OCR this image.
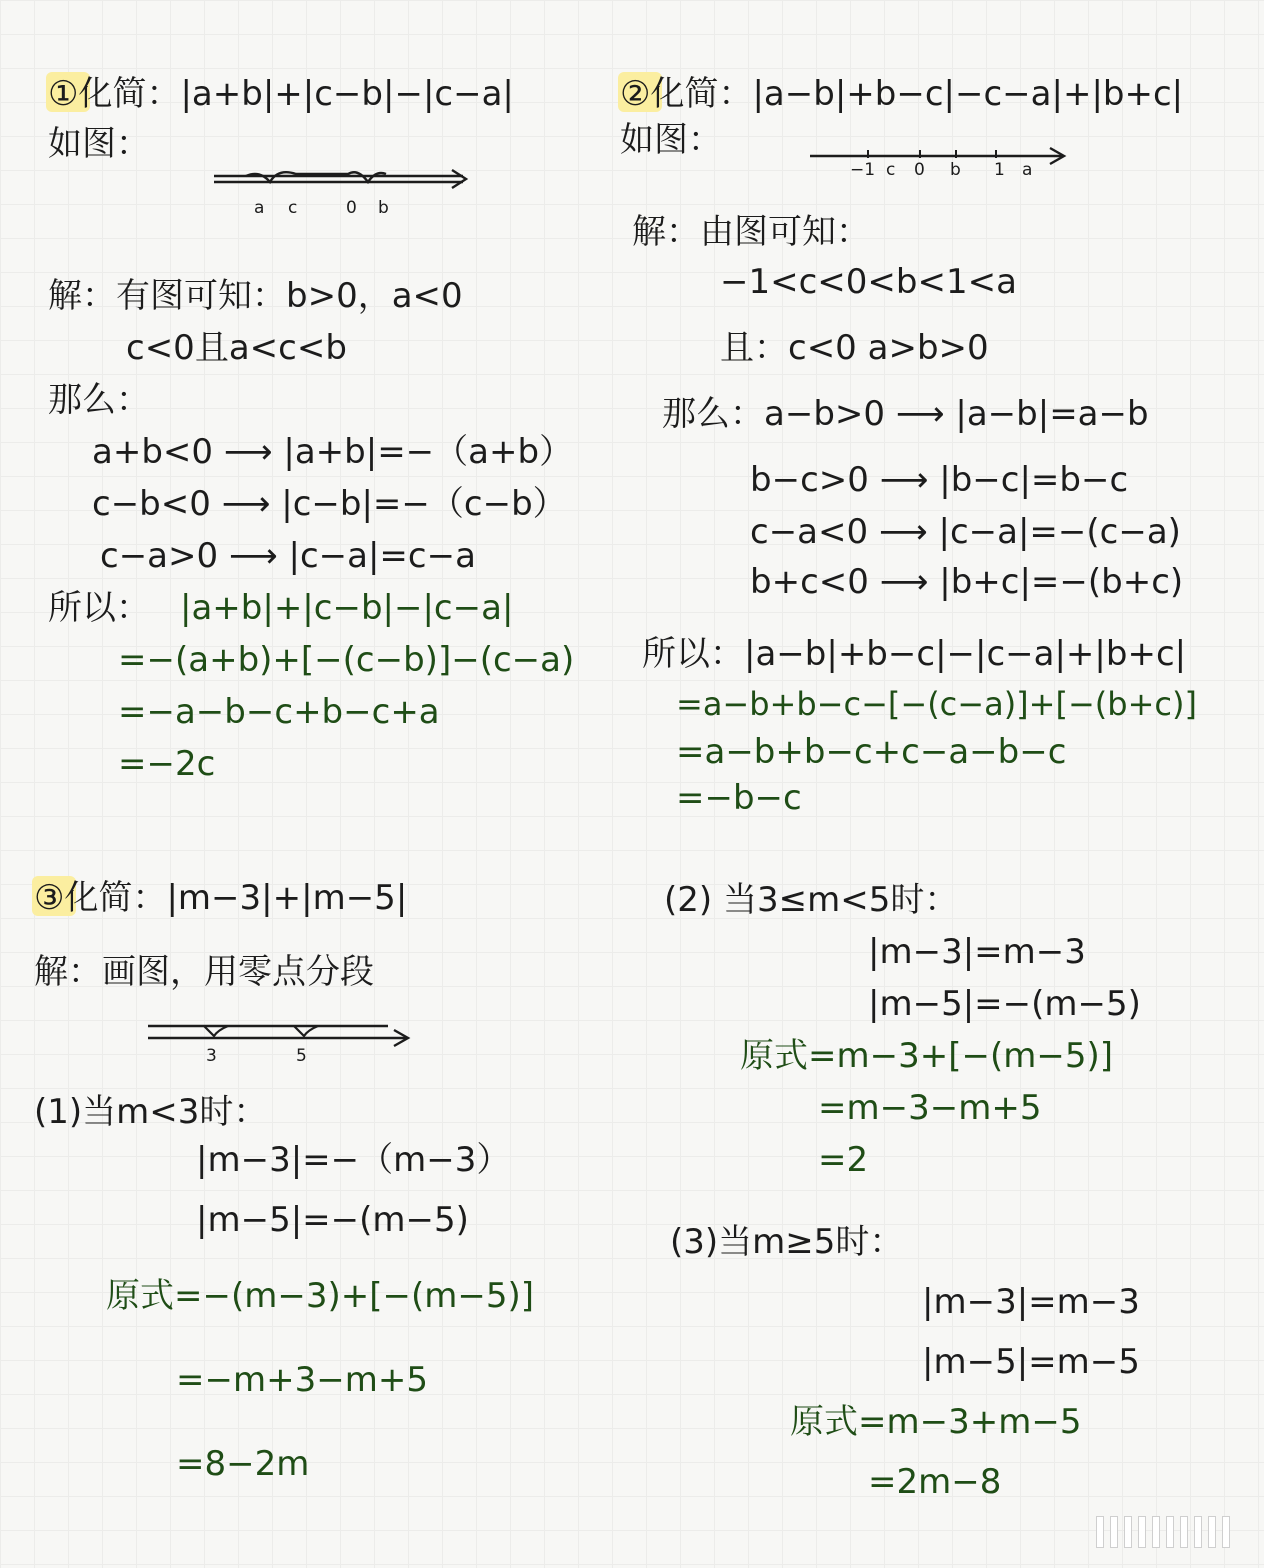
①化简：|a+b|+|c−b|−|c−a|
如图：
a c	0 b
解：有图可知：b>0，a<0
c<0且a<c<b
那么：
a+b<0 ⟶ |a+b|=−（a+b）
c−b<0 ⟶ |c−b|=−（c−b）
c−a>0 ⟶ |c−a|=c−a
所以： |a+b|+|c−b|−|c−a|
=−(a+b)+[−(c−b)]−(c−a)
=−a−b−c+b−c+a
=−2c
②化简：|a−b|+b−c|−c−a|+|b+c|
如图：
−1 c 0 b 1 a
解：由图可知：
−1<c<0<b<1<a
且：c<0 a>b>0
那么：a−b>0 ⟶ |a−b|=a−b
b−c>0 ⟶ |b−c|=b−c
c−a<0 ⟶ |c−a|=−(c−a)
b+c<0 ⟶ |b+c|=−(b+c)
所以：|a−b|+b−c|−|c−a|+|b+c|
=a−b+b−c−[−(c−a)]+[−(b+c)]
=a−b+b−c+c−a−b−c
=−b−c
③化简：|m−3|+|m−5|
解：画图，用零点分段
3	5
(1)当m<3时：
|m−3|=−（m−3）
|m−5|=−(m−5)
原式=−(m−3)+[−(m−5)]
=−m+3−m+5
=8−2m
(2) 当3≤m<5时：
|m−3|=m−3
|m−5|=−(m−5)
原式=m−3+[−(m−5)]
=m−3−m+5
=2
(3)当m≥5时：
|m−3|=m−3
|m−5|=m−5
原式=m−3+m−5
=2m−8
